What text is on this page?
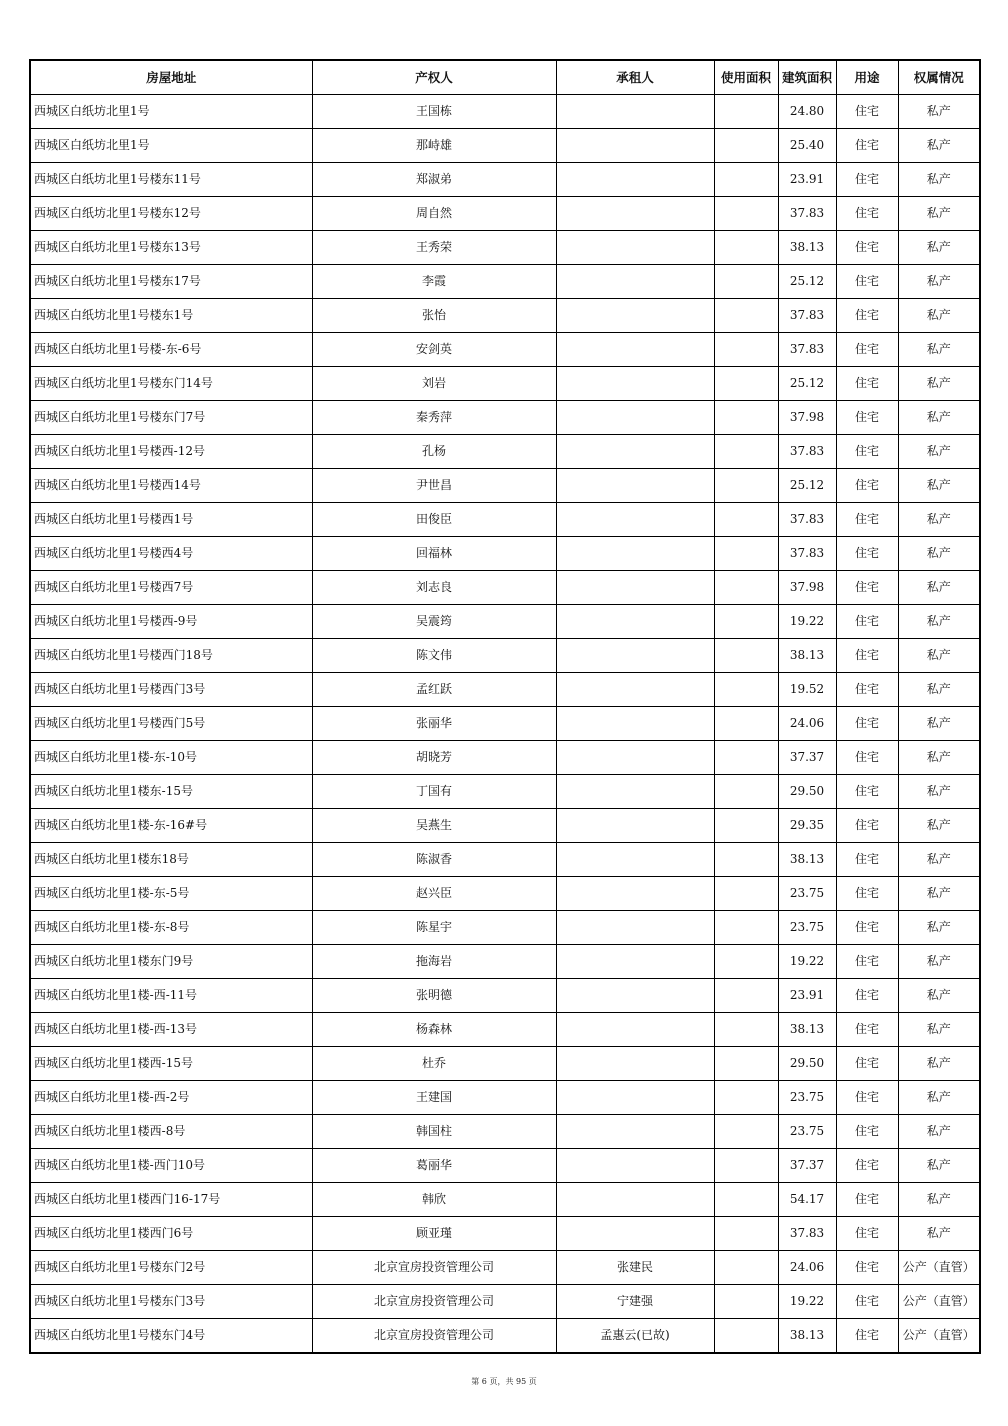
房屋地址	产权人	承租人	使用面积	建筑面积	用途	权属情况
西城区白纸坊北里1号	王国栋			24.80	住宅	私产
西城区白纸坊北里1号	那峙雄			25.40	住宅	私产
西城区白纸坊北里1号楼东11号	郑淑弟			23.91	住宅	私产
西城区白纸坊北里1号楼东12号	周自然			37.83	住宅	私产
西城区白纸坊北里1号楼东13号	王秀荣			38.13	住宅	私产
西城区白纸坊北里1号楼东17号	李霞			25.12	住宅	私产
西城区白纸坊北里1号楼东1号	张怡			37.83	住宅	私产
西城区白纸坊北里1号楼-东-6号	安剑英			37.83	住宅	私产
西城区白纸坊北里1号楼东门14号	刘岩			25.12	住宅	私产
西城区白纸坊北里1号楼东门7号	秦秀萍			37.98	住宅	私产
西城区白纸坊北里1号楼西-12号	孔杨			37.83	住宅	私产
西城区白纸坊北里1号楼西14号	尹世昌			25.12	住宅	私产
西城区白纸坊北里1号楼西1号	田俊臣			37.83	住宅	私产
西城区白纸坊北里1号楼西4号	回福林			37.83	住宅	私产
西城区白纸坊北里1号楼西7号	刘志良			37.98	住宅	私产
西城区白纸坊北里1号楼西-9号	吴震筠			19.22	住宅	私产
西城区白纸坊北里1号楼西门18号	陈文伟			38.13	住宅	私产
西城区白纸坊北里1号楼西门3号	孟红跃			19.52	住宅	私产
西城区白纸坊北里1号楼西门5号	张丽华			24.06	住宅	私产
西城区白纸坊北里1楼-东-10号	胡晓芳			37.37	住宅	私产
西城区白纸坊北里1楼东-15号	丁国有			29.50	住宅	私产
西城区白纸坊北里1楼-东-16#号	吴燕生			29.35	住宅	私产
西城区白纸坊北里1楼东18号	陈淑香			38.13	住宅	私产
西城区白纸坊北里1楼-东-5号	赵兴臣			23.75	住宅	私产
西城区白纸坊北里1楼-东-8号	陈星宇			23.75	住宅	私产
西城区白纸坊北里1楼东门9号	拖海岩			19.22	住宅	私产
西城区白纸坊北里1楼-西-11号	张明德			23.91	住宅	私产
西城区白纸坊北里1楼-西-13号	杨森林			38.13	住宅	私产
西城区白纸坊北里1楼西-15号	杜乔			29.50	住宅	私产
西城区白纸坊北里1楼-西-2号	王建国			23.75	住宅	私产
西城区白纸坊北里1楼西-8号	韩国柱			23.75	住宅	私产
西城区白纸坊北里1楼-西门10号	葛丽华			37.37	住宅	私产
西城区白纸坊北里1楼西门16-17号	韩欣			54.17	住宅	私产
西城区白纸坊北里1楼西门6号	顾亚瑾			37.83	住宅	私产
西城区白纸坊北里1号楼东门2号	北京宣房投资管理公司	张建民		24.06	住宅	公产（直管）
西城区白纸坊北里1号楼东门3号	北京宣房投资管理公司	宁建强		19.22	住宅	公产（直管）
西城区白纸坊北里1号楼东门4号	北京宣房投资管理公司	孟惠云(已故)		38.13	住宅	公产（直管）
第 6 页，共 95 页
